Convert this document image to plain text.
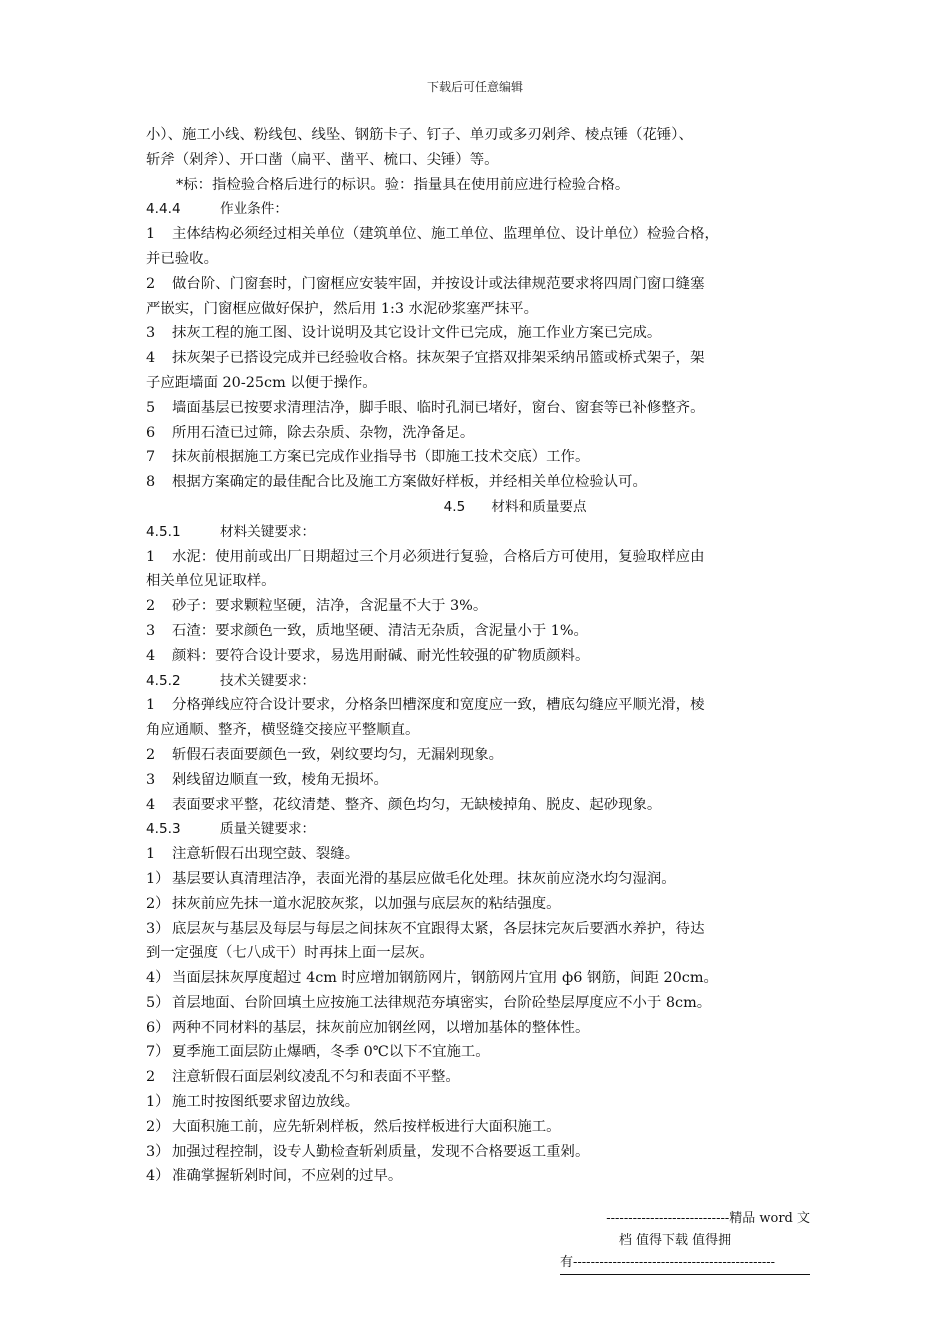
下载后可任意编辑

小）、施工小线、粉线包、线坠、钢筋卡子、钉子、单刃或多刃剁斧、棱点锤（花锤）、

斩斧（剁斧）、开口凿（扁平、凿平、梳口、尖锤）等。

*标：指检验合格后进行的标识。验：指量具在使用前应进行检验合格。

4.4.4	作业条件：

1 主体结构必须经过相关单位（建筑单位、施工单位、监理单位、设计单位）检验合格，

并已验收。

2 做台阶、门窗套时，门窗框应安装牢固，并按设计或法律规范要求将四周门窗口缝塞

严嵌实，门窗框应做好保护，然后用 1:3 水泥砂浆塞严抹平。

3 抹灰工程的施工图、设计说明及其它设计文件已完成，施工作业方案已完成。

4 抹灰架子已搭设完成并已经验收合格。抹灰架子宜搭双排架采纳吊篮或桥式架子，架

子应距墙面 20-25cm 以便于操作。

5 墙面基层已按要求清理洁净，脚手眼、临时孔洞已堵好，窗台、窗套等已补修整齐。

6 所用石渣已过筛，除去杂质、杂物，洗净备足。

7 抹灰前根据施工方案已完成作业指导书（即施工技术交底）工作。

8 根据方案确定的最佳配合比及施工方案做好样板，并经相关单位检验认可。

4.5 材料和质量要点

4.5.1	材料关键要求：

1 水泥：使用前或出厂日期超过三个月必须进行复验，合格后方可使用，复验取样应由

相关单位见证取样。

2 砂子：要求颗粒坚硬，洁净，含泥量不大于 3%。

3 石渣：要求颜色一致，质地坚硬、清洁无杂质，含泥量小于 1%。

4 颜料：要符合设计要求，易选用耐碱、耐光性较强的矿物质颜料。

4.5.2	技术关键要求：

1 分格弹线应符合设计要求，分格条凹槽深度和宽度应一致，槽底勾缝应平顺光滑，棱

角应通顺、整齐，横竖缝交接应平整顺直。

2 斩假石表面要颜色一致，剁纹要均匀，无漏剁现象。

3 剁线留边顺直一致，棱角无损坏。

4 表面要求平整，花纹清楚、整齐、颜色均匀，无缺棱掉角、脱皮、起砂现象。

4.5.3	质量关键要求：

1 注意斩假石出现空鼓、裂缝。

1） 基层要认真清理洁净，表面光滑的基层应做毛化处理。抹灰前应浇水均匀湿润。

2） 抹灰前应先抹一道水泥胶灰浆，以加强与底层灰的粘结强度。

3） 底层灰与基层及每层与每层之间抹灰不宜跟得太紧，各层抹完灰后要洒水养护，待达

到一定强度（七八成干）时再抹上面一层灰。

4） 当面层抹灰厚度超过 4cm 时应增加钢筋网片，钢筋网片宜用 ф6 钢筋，间距 20cm。

5） 首层地面、台阶回填土应按施工法律规范夯填密实，台阶砼垫层厚度应不小于 8cm。

6） 两种不同材料的基层，抹灰前应加钢丝网，以增加基体的整体性。

7） 夏季施工面层防止爆晒，冬季 0℃以下不宜施工。

2 注意斩假石面层剁纹凌乱不匀和表面不平整。

1） 施工时按图纸要求留边放线。

2） 大面积施工前，应先斩剁样板，然后按样板进行大面积施工。

3） 加强过程控制，设专人勤检查斩剁质量，发现不合格要返工重剁。

4） 准确掌握斩剁时间，不应剁的过早。

----------------------------精品 word 文
档 值得下载 值得拥
有----------------------------------------------
